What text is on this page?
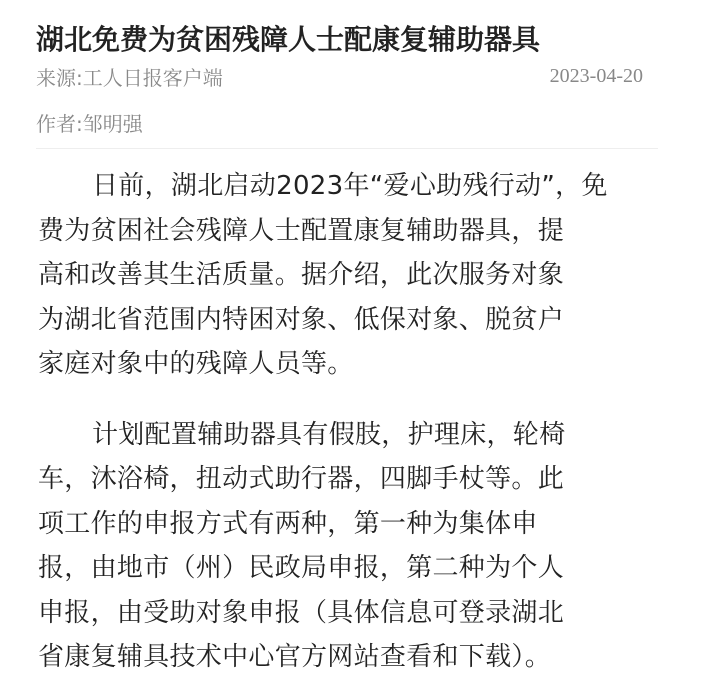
湖北免费为贫困残障人士配康复辅助器具
来源:工人日报客户端	2023-04-20
作者:邹明强

日前，湖北启动2023年“爱心助残行动”，免
费为贫困社会残障人士配置康复辅助器具，提
高和改善其生活质量。据介绍，此次服务对象
为湖北省范围内特困对象、低保对象、脱贫户
家庭对象中的残障人员等。

计划配置辅助器具有假肢，护理床，轮椅
车，沐浴椅，扭动式助行器，四脚手杖等。此
项工作的申报方式有两种，第一种为集体申
报，由地市（州）民政局申报，第二种为个人
申报，由受助对象申报（具体信息可登录湖北
省康复辅具技术中心官方网站查看和下载）。
